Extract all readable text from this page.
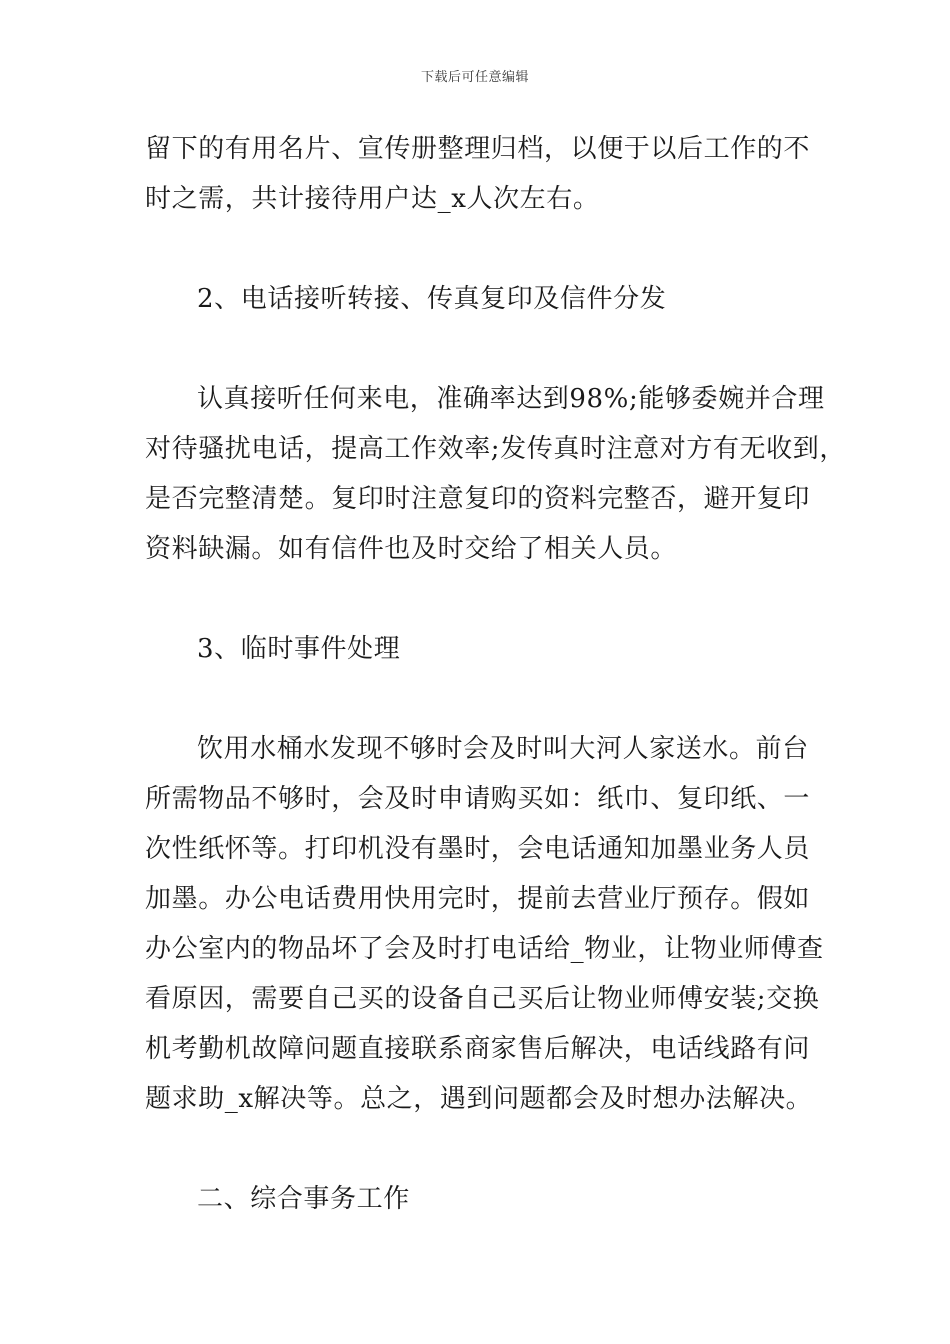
下载后可任意编辑
留下的有用名片、宣传册整理归档，以便于以后工作的不
时之需，共计接待用户达_x人次左右。
2、电话接听转接、传真复印及信件分发
认真接听任何来电，准确率达到98%;能够委婉并合理
对待骚扰电话，提高工作效率;发传真时注意对方有无收到，
是否完整清楚。复印时注意复印的资料完整否，避开复印
资料缺漏。如有信件也及时交给了相关人员。
3、临时事件处理
饮用水桶水发现不够时会及时叫大河人家送水。前台
所需物品不够时，会及时申请购买如：纸巾、复印纸、一
次性纸怀等。打印机没有墨时，会电话通知加墨业务人员
加墨。办公电话费用快用完时，提前去营业厅预存。假如
办公室内的物品坏了会及时打电话给_物业，让物业师傅查
看原因，需要自己买的设备自己买后让物业师傅安装;交换
机考勤机故障问题直接联系商家售后解决，电话线路有问
题求助_x解决等。总之，遇到问题都会及时想办法解决。
二、综合事务工作
